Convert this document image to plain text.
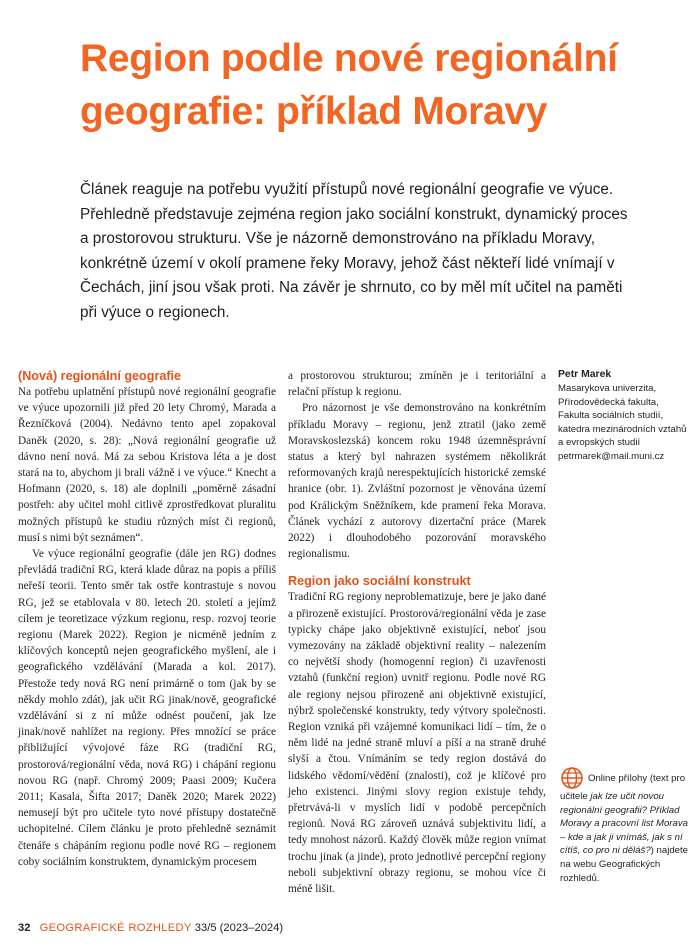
Region podle nové regionální geografie: příklad Moravy
Článek reaguje na potřebu využití přístupů nové regionální geografie ve výuce. Přehledně představuje zejména region jako sociální konstrukt, dynamický proces a prostorovou strukturu. Vše je názorně demonstrováno na příkladu Moravy, konkrétně území v okolí pramene řeky Moravy, jehož část někteří lidé vnímají v Čechách, jiní jsou však proti. Na závěr je shrnuto, co by měl mít učitel na paměti při výuce o regionech.
(Nová) regionální geografie

Na potřebu uplatnění přístupů nové regionální geografie ve výuce upozornili již před 20 lety Chromý, Marada a Řezníčková (2004). Nedávno tento apel zopakoval Daněk (2020, s. 28): „Nová regionální geografie už dávno není nová. Má za sebou Kristova léta a je dost stará na to, abychom ji brali vážně i ve výuce.“ Knecht a Hofmann (2020, s. 18) ale doplnili „poměrně zásadní postřeh: aby učitel mohl citlivě zprostředkovat pluralitu možných přístupů ke studiu různých míst či regionů, musí s nimi být seznámen“.

Ve výuce regionální geografie (dále jen RG) dodnes převládá tradiční RG, která klade důraz na popis a příliš neřeší teorii. Tento směr tak ostře kontrastuje s novou RG, jež se etablovala v 80. letech 20. století a jejímž cílem je teoretizace výzkum regionu, resp. rozvoj teorie regionu (Marek 2022). Region je nicméně jedním z klíčových konceptů nejen geografického myšlení, ale i geografického vzdělávání (Marada a kol. 2017). Přestože tedy nová RG není primárně o tom (jak by se někdy mohlo zdát), jak učit RG jinak/nově, geografické vzdělávání si z ní může odnést poučení, jak lze jinak/nově nahlížet na regiony. Přes množící se práce přibližující vývojové fáze RG (tradiční RG, prostorová/regionální věda, nová RG) i chápání regionu novou RG (např. Chromý 2009; Paasi 2009; Kučera 2011; Kasala, Šifta 2017; Daněk 2020; Marek 2022) nemusejí být pro učitele tyto nové přístupy dostatečně uchopitelné. Cílem článku je proto přehledně seznámit čtenáře s chápáním regionu podle nové RG – regionem coby sociálním konstruktem, dynamickým procesem

a prostorovou strukturou; zmíněn je i teritoriální a relační přístup k regionu.

Pro názornost je vše demonstrováno na konkrétním příkladu Moravy – regionu, jenž ztratil (jako země Moravskoslezská) koncem roku 1948 územněsprávní status a který byl nahrazen systémem několikrát reformovaných krajů nerespektujících historické zemské hranice (obr. 1). Zvláštní pozornost je věnována území pod Králickým Sněžníkem, kde pramení řeka Morava. Článek vychází z autorovy dizertační práce (Marek 2022) i dlouhodobého pozorování moravského regionalismu.

Region jako sociální konstrukt

Tradiční RG regiony neproblematizuje, bere je jako dané a přirozeně existující. Prostorová/regionální věda je zase typicky chápe jako objektivně existující, neboť jsou vymezovány na základě objektivní reality – nalezením co největší shody (homogenní region) či uzavřenosti vztahů (funkční region) uvnitř regionu. Podle nové RG ale regiony nejsou přirozeně ani objektivně existující, nýbrž společenské konstrukty, tedy výtvory společnosti. Region vzniká při vzájemné komunikaci lidí – tím, že o něm lidé na jedné straně mluví a píší a na straně druhé slyší a čtou. Vnímáním se tedy region dostává do lidského vědomí/vědění (znalosti), což je klíčové pro jeho existenci. Jinými slovy region existuje tehdy, přetrvává-li v myslích lidí v podobě percepčních regionů. Nová RG zároveň uznává subjektivitu lidí, a tedy mnohost názorů. Každý člověk může region vnímat trochu jinak (a jinde), proto jednotlivé percepční regiony neboli subjektivní obrazy regionu, se mohou více či méně lišit.

Petr Marek

Masarykova univerzita, Přírodovědecká fakulta, Fakulta sociálních studií, katedra mezinárodních vztahů a evropských studií

petrmarek@mail.muni.cz
Online přílohy (text pro učitele jak lze učit novou regionální geografii? Příklad Moravy a pracovní list Morava – kde a jak ji vnímáš, jak s ní cítíš, co pro ni děláš?) najdete na webu Geografických rozhledů.
32 GEOGRAFICKÉ ROZHLEDY 33/5 (2023–2024)
